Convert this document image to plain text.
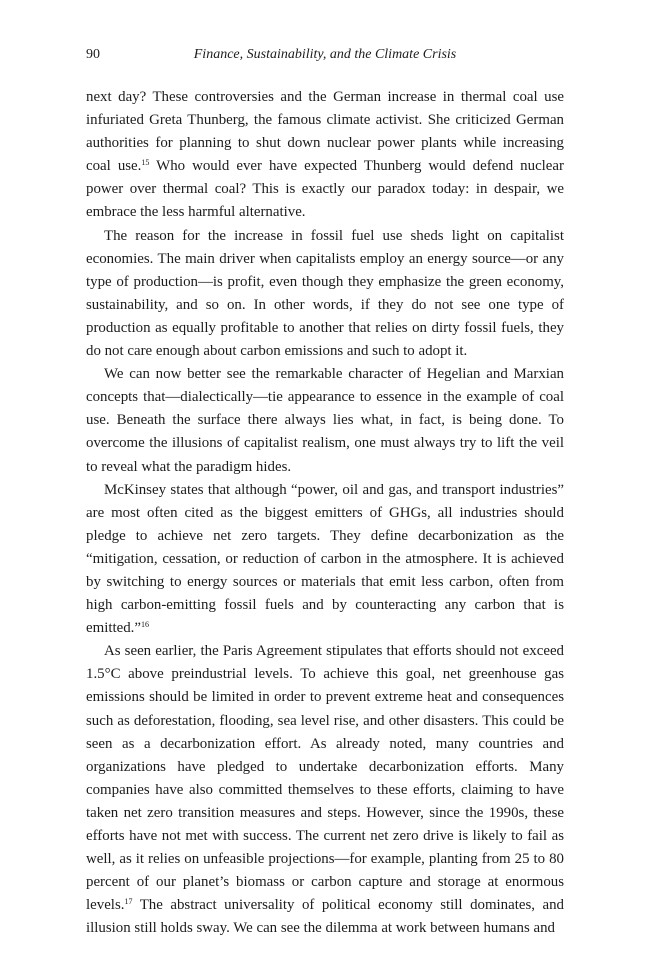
90	Finance, Sustainability, and the Climate Crisis

next day? These controversies and the German increase in thermal coal use infuriated Greta Thunberg, the famous climate activist. She criticized German authorities for planning to shut down nuclear power plants while increasing coal use.$^{15}$ Who would ever have expected Thunberg would defend nuclear power over thermal coal? This is exactly our paradox today: in despair, we embrace the less harmful alternative.

The reason for the increase in fossil fuel use sheds light on capitalist economies. The main driver when capitalists employ an energy source—or any type of production—is profit, even though they emphasize the green economy, sustainability, and so on. In other words, if they do not see one type of production as equally profitable to another that relies on dirty fossil fuels, they do not care enough about carbon emissions and such to adopt it.

We can now better see the remarkable character of Hegelian and Marxian concepts that—dialectically—tie appearance to essence in the example of coal use. Beneath the surface there always lies what, in fact, is being done. To overcome the illusions of capitalist realism, one must always try to lift the veil to reveal what the paradigm hides.

McKinsey states that although “power, oil and gas, and transport industries” are most often cited as the biggest emitters of GHGs, all industries should pledge to achieve net zero targets. They define decarbonization as the “mitigation, cessation, or reduction of carbon in the atmosphere. It is achieved by switching to energy sources or materials that emit less carbon, often from high carbon-emitting fossil fuels and by counteracting any carbon that is emitted.”$^{16}$

As seen earlier, the Paris Agreement stipulates that efforts should not exceed 1.5°C above preindustrial levels. To achieve this goal, net greenhouse gas emissions should be limited in order to prevent extreme heat and consequences such as deforestation, flooding, sea level rise, and other disasters. This could be seen as a decarbonization effort. As already noted, many countries and organizations have pledged to undertake decarbonization efforts. Many companies have also committed themselves to these efforts, claiming to have taken net zero transition measures and steps. However, since the 1990s, these efforts have not met with success. The current net zero drive is likely to fail as well, as it relies on unfeasible projections—for example, planting from 25 to 80 percent of our planet’s biomass or carbon capture and storage at enormous levels.$^{17}$ The abstract universality of political economy still dominates, and illusion still holds sway. We can see the dilemma at work between humans and
